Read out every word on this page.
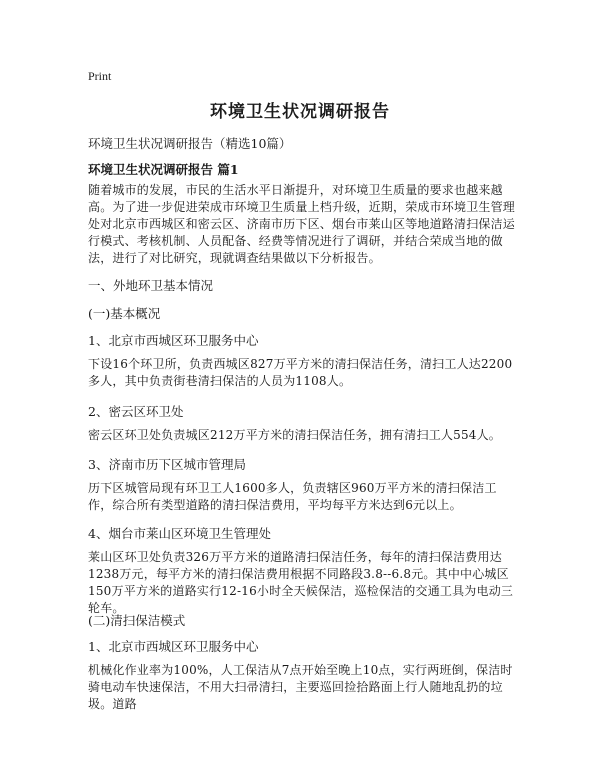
Print
环境卫生状况调研报告
环境卫生状况调研报告（精选10篇）
环境卫生状况调研报告 篇1
随着城市的发展，市民的生活水平日渐提升，对环境卫生质量的要求也越来越高。为了进一步促进荣成市环境卫生质量上档升级，近期，荣成市环境卫生管理处对北京市西城区和密云区、济南市历下区、烟台市莱山区等地道路清扫保洁运行模式、考核机制、人员配备、经费等情况进行了调研，并结合荣成当地的做法，进行了对比研究，现就调查结果做以下分析报告。
一、外地环卫基本情况
(一)基本概况
1、北京市西城区环卫服务中心
下设16个环卫所，负责西城区827万平方米的清扫保洁任务，清扫工人达2200多人，其中负责街巷清扫保洁的人员为1108人。
2、密云区环卫处
密云区环卫处负责城区212万平方米的清扫保洁任务，拥有清扫工人554人。
3、济南市历下区城市管理局
历下区城管局现有环卫工人1600多人，负责辖区960万平方米的清扫保洁工作，综合所有类型道路的清扫保洁费用，平均每平方米达到6元以上。
4、烟台市莱山区环境卫生管理处
莱山区环卫处负责326万平方米的道路清扫保洁任务，每年的清扫保洁费用达1238万元，每平方米的清扫保洁费用根据不同路段3.8--6.8元。其中中心城区150万平方米的道路实行12-16小时全天候保洁，巡检保洁的交通工具为电动三轮车。
(二)清扫保洁模式
1、北京市西城区环卫服务中心
机械化作业率为100%，人工保洁从7点开始至晚上10点，实行两班倒，保洁时骑电动车快速保洁，不用大扫帚清扫，主要巡回捡拾路面上行人随地乱扔的垃圾。道路
